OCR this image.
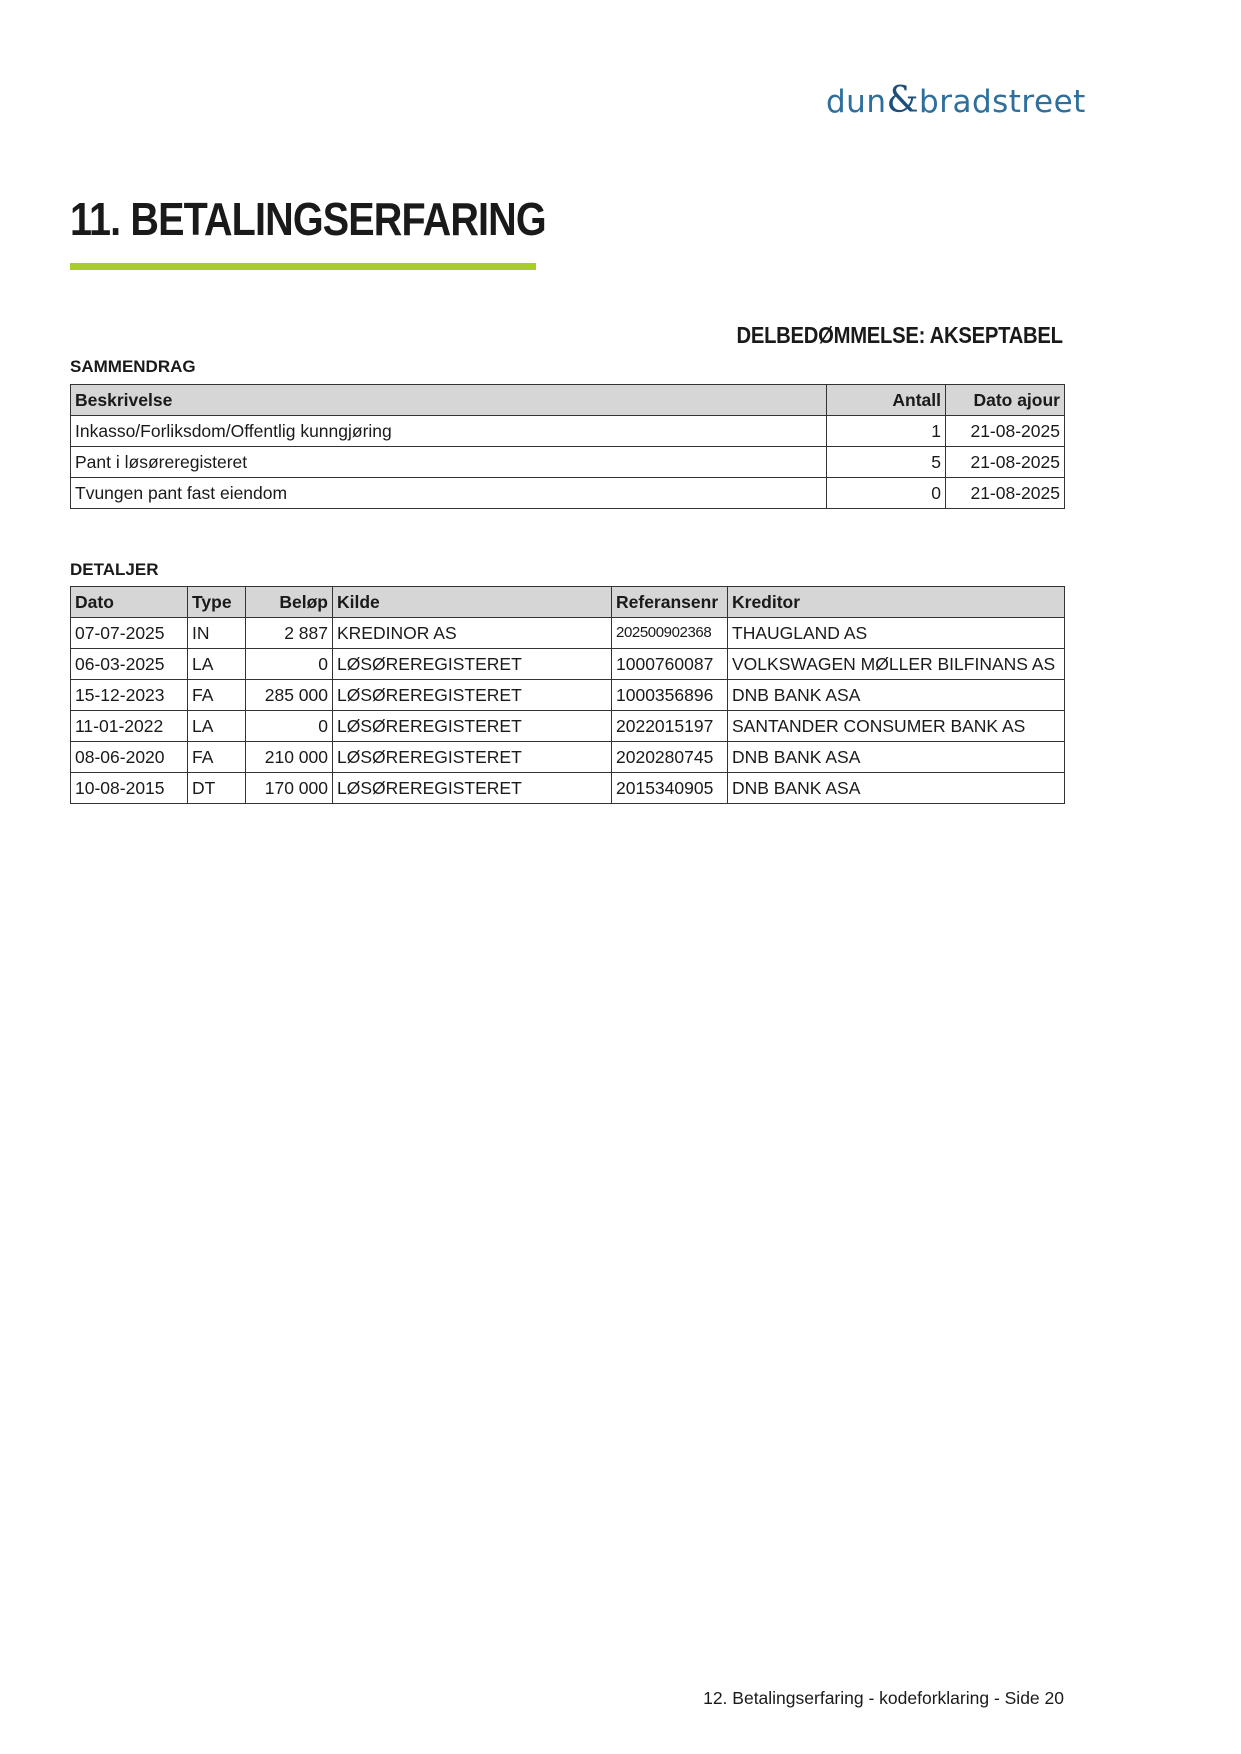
dun&bradstreet
11. BETALINGSERFARING
DELBEDØMMELSE: AKSEPTABEL
SAMMENDRAG
Beskrivelse	Antall	Dato ajour
Inkasso/Forliksdom/Offentlig kunngjøring	1	21-08-2025
Pant i løsøreregisteret	5	21-08-2025
Tvungen pant fast eiendom	0	21-08-2025
DETALJER
Dato	Type	Beløp	Kilde	Referansenr	Kreditor
07-07-2025	IN	2 887	KREDINOR AS	202500902368	THAUGLAND AS
06-03-2025	LA	0	LØSØREREGISTERET	1000760087	VOLKSWAGEN MØLLER BILFINANS AS
15-12-2023	FA	285 000	LØSØREREGISTERET	1000356896	DNB BANK ASA
11-01-2022	LA	0	LØSØREREGISTERET	2022015197	SANTANDER CONSUMER BANK AS
08-06-2020	FA	210 000	LØSØREREGISTERET	2020280745	DNB BANK ASA
10-08-2015	DT	170 000	LØSØREREGISTERET	2015340905	DNB BANK ASA
12. Betalingserfaring - kodeforklaring - Side 20
